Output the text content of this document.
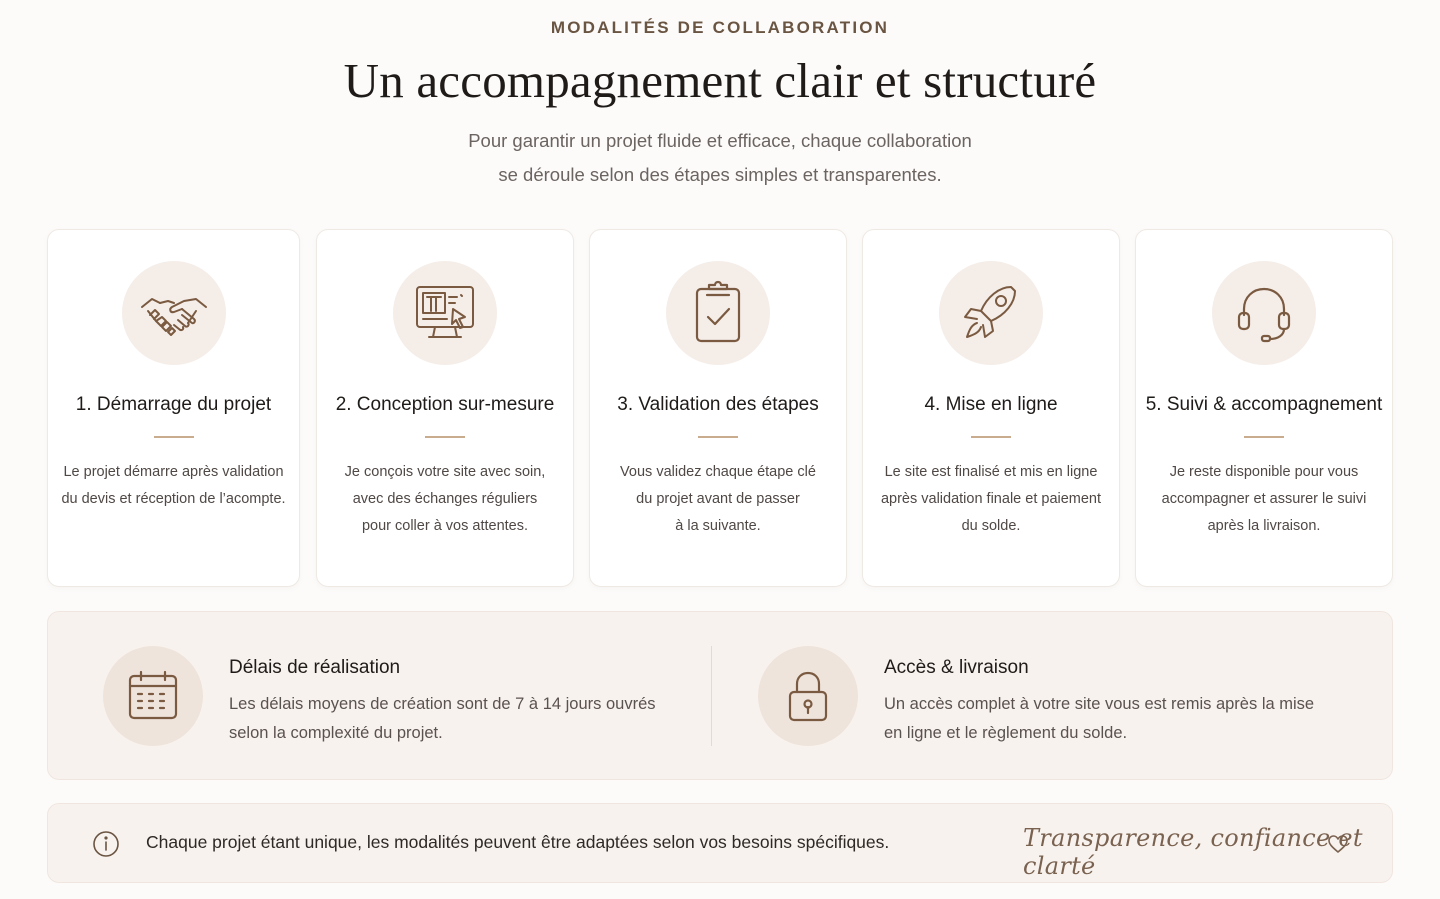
MODALITÉS DE COLLABORATION
Un accompagnement clair et structuré

Pour garantir un projet fluide et efficace, chaque collaboration
se déroule selon des étapes simples et transparentes.

1. Démarrage du projet
Le projet démarre après validation
du devis et réception de l’acompte.
2. Conception sur-mesure
Je conçois votre site avec soin,
avec des échanges réguliers
pour coller à vos attentes.
3. Validation des étapes
Vous validez chaque étape clé
du projet avant de passer
à la suivante.
4. Mise en ligne
Le site est finalisé et mis en ligne
après validation finale et paiement
du solde.
5. Suivi & accompagnement
Je reste disponible pour vous
accompagner et assurer le suivi
après la livraison.
Délais de réalisation
Les délais moyens de création sont de 7 à 14 jours ouvrés
selon la complexité du projet.
Accès & livraison
Un accès complet à votre site vous est remis après la mise
en ligne et le règlement du solde.
Chaque projet étant unique, les modalités peuvent être adaptées selon vos besoins spécifiques.	Transparence, confiance et clarté
